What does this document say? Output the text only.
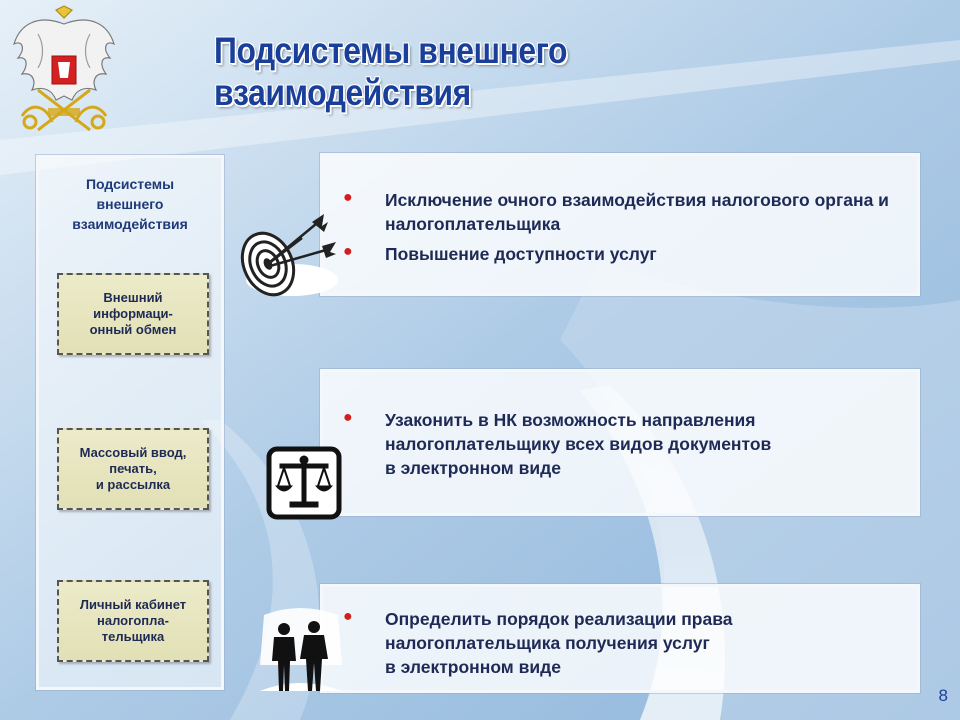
Подсистемы внешнего взаимодействия
Подсистемы
внешнего
взаимодействия
Внешний
информаци-
онный обмен
Массовый ввод,
печать,
и рассылка
Личный кабинет
налогопла-
тельщика
● Исключение очного взаимодействия налогового органа и налогоплательщика
● Повышение доступности услуг
● Узаконить в НК возможность направления
налогоплательщику всех видов документов
в электронном виде
● Определить порядок реализации права
налогоплательщика получения услуг
в электронном виде
8
